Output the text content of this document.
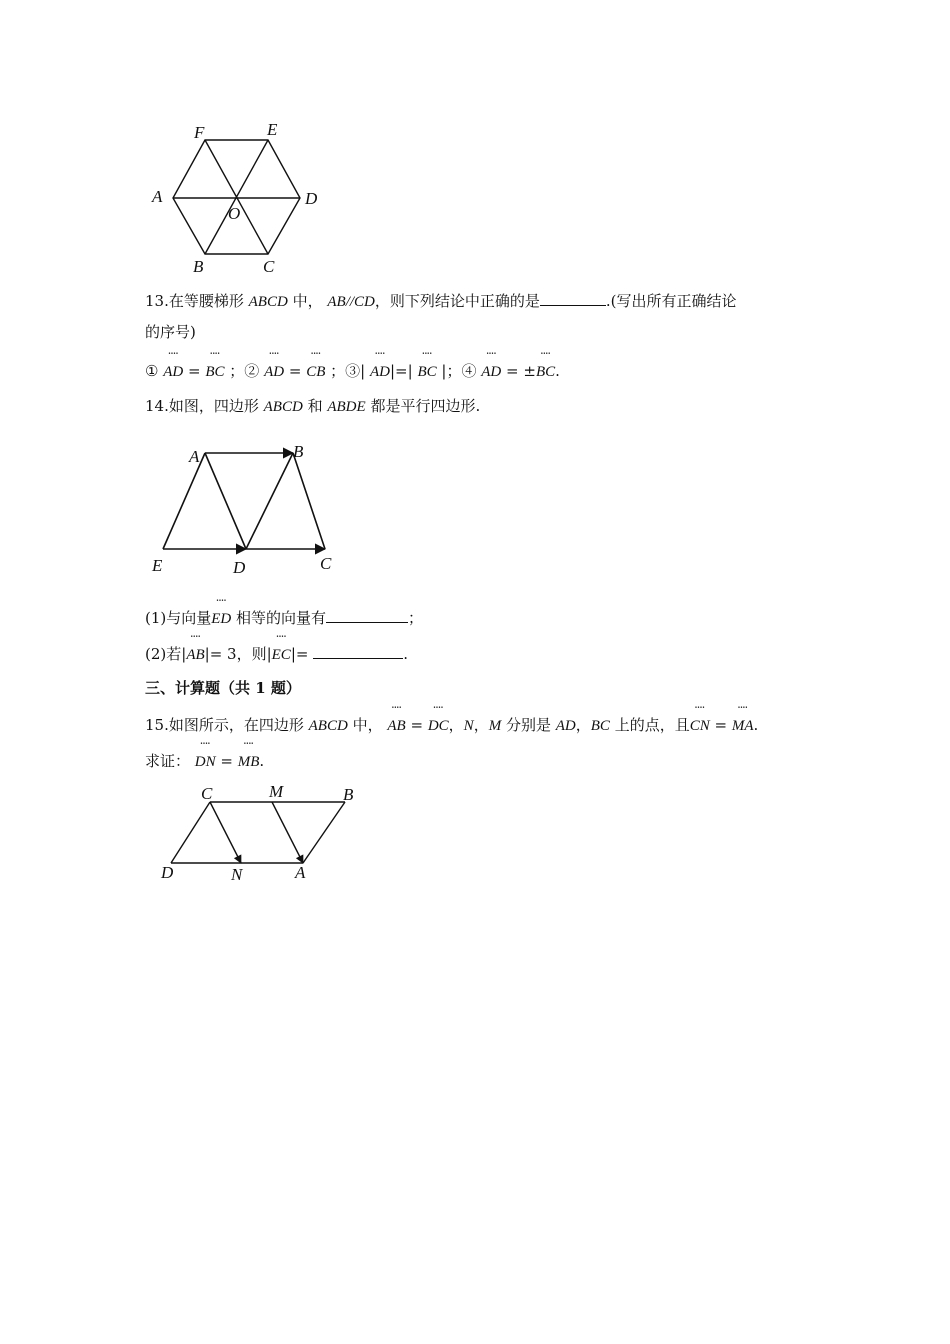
F	E
A	D
O
B	C
13.在等腰梯形 ABCD 中， AB//CD，则下列结论中正确的是	.(写出所有正确结论
的序号)
① ꞏꞏꞏꞏ AD = ꞏꞏꞏꞏ BC ；② ꞏꞏꞏꞏ AD = ꞏꞏꞏꞏ CB ；③| ꞏꞏꞏꞏ AD|=| ꞏꞏꞏꞏ BC |；④ ꞏꞏꞏꞏ AD = ±ꞏꞏꞏꞏ BC.
14.如图，四边形 ABCD 和 ABDE 都是平行四边形.
A	B
E	D	C
(1)与向量ꞏꞏꞏꞏ ED 相等的向量有	；
(2)若|ꞏꞏꞏꞏ AB|= 3，则|ꞏꞏꞏꞏ EC|=	.
三、计算题（共 1 题）
15.如图所示，在四边形 ABCD 中， ꞏꞏꞏꞏ AB = ꞏꞏꞏꞏ DC，N，M 分别是 AD，BC 上的点，且ꞏꞏꞏꞏ CN = ꞏꞏꞏꞏ MA.
求证： ꞏꞏꞏꞏ DN = ꞏꞏꞏꞏ MB.
C	M	B
D	N	A
